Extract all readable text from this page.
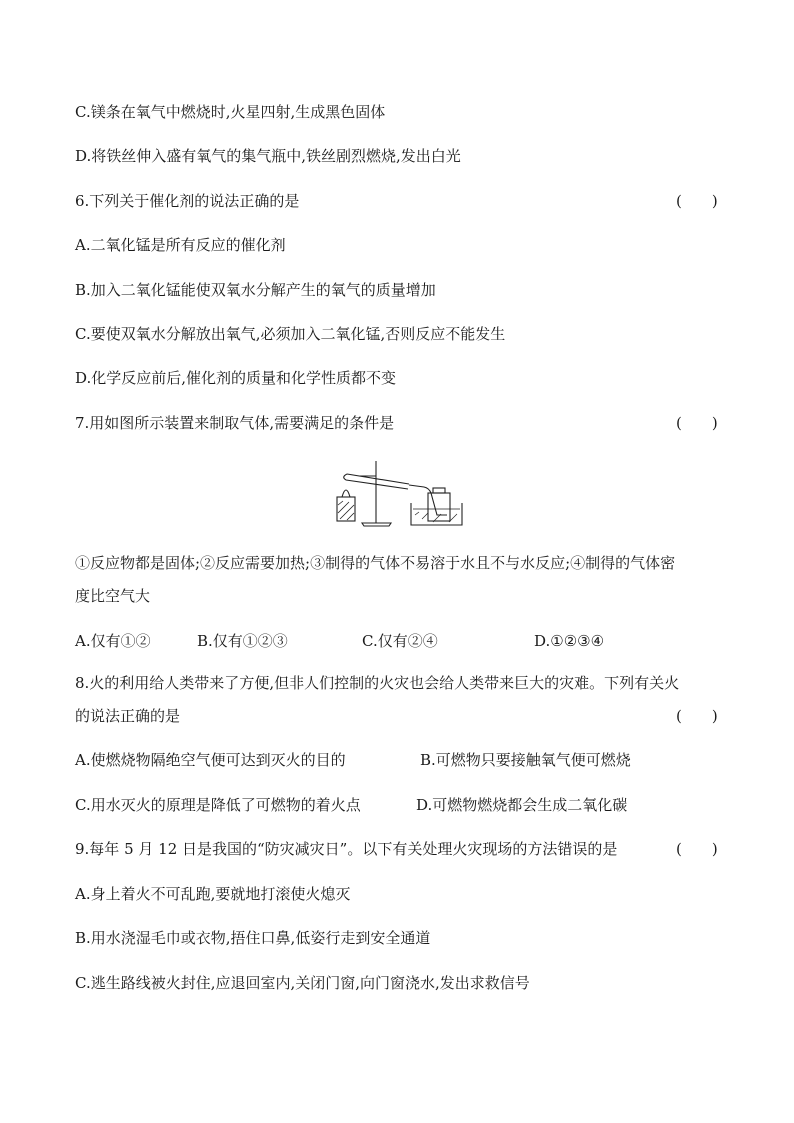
C.镁条在氧气中燃烧时,火星四射,生成黑色固体
D.将铁丝伸入盛有氧气的集气瓶中,铁丝剧烈燃烧,发出白光
6.下列关于催化剂的说法正确的是	(　　)
A.二氧化锰是所有反应的催化剂
B.加入二氧化锰能使双氧水分解产生的氧气的质量增加
C.要使双氧水分解放出氧气,必须加入二氧化锰,否则反应不能发生
D.化学反应前后,催化剂的质量和化学性质都不变
7.用如图所示装置来制取气体,需要满足的条件是	(　　)
①反应物都是固体;②反应需要加热;③制得的气体不易溶于水且不与水反应;④制得的气体密
度比空气大
A.仅有①②	B.仅有①②③	C.仅有②④	D.①②③④
8.火的利用给人类带来了方便,但非人们控制的火灾也会给人类带来巨大的灾难。下列有关火
的说法正确的是	(　　)
A.使燃烧物隔绝空气便可达到灭火的目的	B.可燃物只要接触氧气便可燃烧
C.用水灭火的原理是降低了可燃物的着火点	D.可燃物燃烧都会生成二氧化碳
9.每年 5 月 12 日是我国的“防灾减灾日”。以下有关处理火灾现场的方法错误的是	(　　)
A.身上着火不可乱跑,要就地打滚使火熄灭
B.用水浇湿毛巾或衣物,捂住口鼻,低姿行走到安全通道
C.逃生路线被火封住,应退回室内,关闭门窗,向门窗浇水,发出求救信号
